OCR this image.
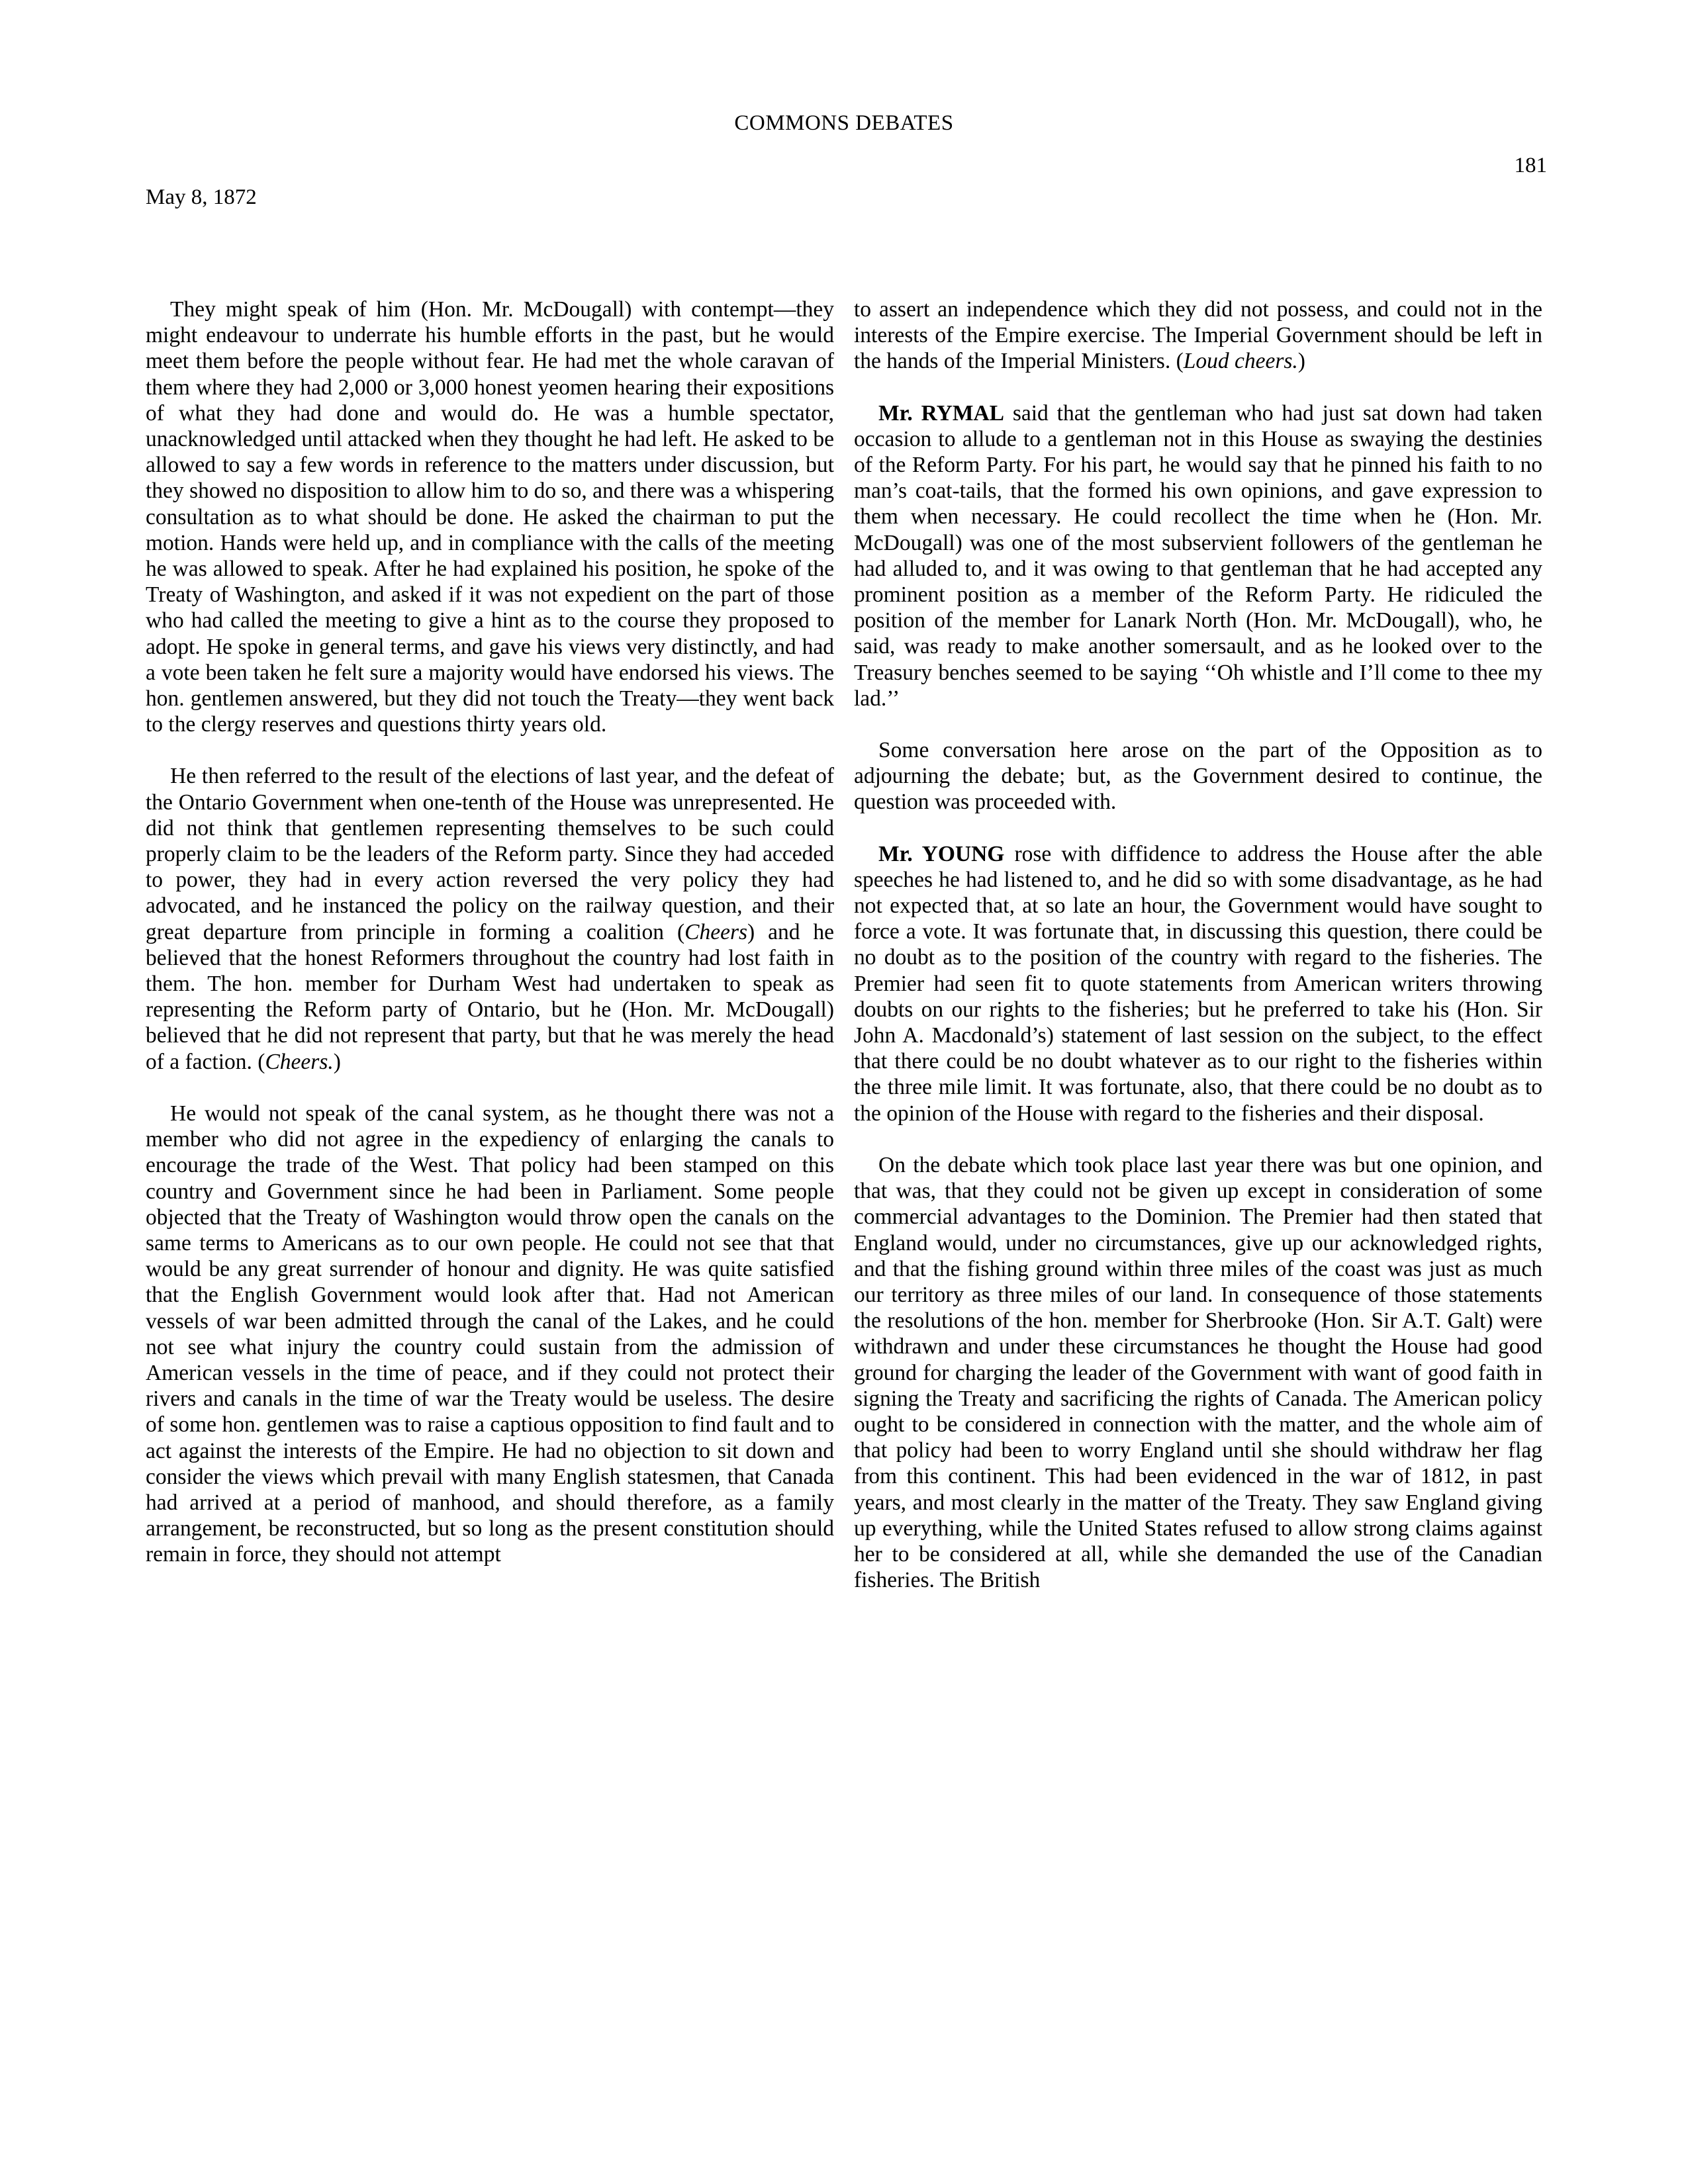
COMMONS DEBATES
181
May 8, 1872

They might speak of him (Hon. Mr. McDougall) with contempt—they might endeavour to underrate his humble efforts in the past, but he would meet them before the people without fear. He had met the whole caravan of them where they had 2,000 or 3,000 honest yeomen hearing their expositions of what they had done and would do. He was a humble spectator, unacknowledged until attacked when they thought he had left. He asked to be allowed to say a few words in reference to the matters under discussion, but they showed no disposition to allow him to do so, and there was a whispering consultation as to what should be done. He asked the chairman to put the motion. Hands were held up, and in compliance with the calls of the meeting he was allowed to speak. After he had explained his position, he spoke of the Treaty of Washington, and asked if it was not expedient on the part of those who had called the meeting to give a hint as to the course they proposed to adopt. He spoke in general terms, and gave his views very distinctly, and had a vote been taken he felt sure a majority would have endorsed his views. The hon. gentlemen answered, but they did not touch the Treaty—they went back to the clergy reserves and questions thirty years old.

He then referred to the result of the elections of last year, and the defeat of the Ontario Government when one-tenth of the House was unrepresented. He did not think that gentlemen representing themselves to be such could properly claim to be the leaders of the Reform party. Since they had acceded to power, they had in every action reversed the very policy they had advocated, and he instanced the policy on the railway question, and their great departure from principle in forming a coalition (Cheers) and he believed that the honest Reformers throughout the country had lost faith in them. The hon. member for Durham West had undertaken to speak as representing the Reform party of Ontario, but he (Hon. Mr. McDougall) believed that he did not represent that party, but that he was merely the head of a faction. (Cheers.)

He would not speak of the canal system, as he thought there was not a member who did not agree in the expediency of enlarging the canals to encourage the trade of the West. That policy had been stamped on this country and Government since he had been in Parliament. Some people objected that the Treaty of Washington would throw open the canals on the same terms to Americans as to our own people. He could not see that that would be any great surrender of honour and dignity. He was quite satisfied that the English Government would look after that. Had not American vessels of war been admitted through the canal of the Lakes, and he could not see what injury the country could sustain from the admission of American vessels in the time of peace, and if they could not protect their rivers and canals in the time of war the Treaty would be useless. The desire of some hon. gentlemen was to raise a captious opposition to find fault and to act against the interests of the Empire. He had no objection to sit down and consider the views which prevail with many English statesmen, that Canada had arrived at a period of manhood, and should therefore, as a family arrangement, be reconstructed, but so long as the present constitution should remain in force, they should not attempt

to assert an independence which they did not possess, and could not in the interests of the Empire exercise. The Imperial Government should be left in the hands of the Imperial Ministers. (Loud cheers.)

Mr. RYMAL said that the gentleman who had just sat down had taken occasion to allude to a gentleman not in this House as swaying the destinies of the Reform Party. For his part, he would say that he pinned his faith to no man’s coat-tails, that the formed his own opinions, and gave expression to them when necessary. He could recollect the time when he (Hon. Mr. McDougall) was one of the most subservient followers of the gentleman he had alluded to, and it was owing to that gentleman that he had accepted any prominent position as a member of the Reform Party. He ridiculed the position of the member for Lanark North (Hon. Mr. McDougall), who, he said, was ready to make another somersault, and as he looked over to the Treasury benches seemed to be saying ‘‘Oh whistle and I’ll come to thee my lad.’’

Some conversation here arose on the part of the Opposition as to adjourning the debate; but, as the Government desired to continue, the question was proceeded with.

Mr. YOUNG rose with diffidence to address the House after the able speeches he had listened to, and he did so with some disadvantage, as he had not expected that, at so late an hour, the Government would have sought to force a vote. It was fortunate that, in discussing this question, there could be no doubt as to the position of the country with regard to the fisheries. The Premier had seen fit to quote statements from American writers throwing doubts on our rights to the fisheries; but he preferred to take his (Hon. Sir John A. Macdonald’s) statement of last session on the subject, to the effect that there could be no doubt whatever as to our right to the fisheries within the three mile limit. It was fortunate, also, that there could be no doubt as to the opinion of the House with regard to the fisheries and their disposal.

On the debate which took place last year there was but one opinion, and that was, that they could not be given up except in consideration of some commercial advantages to the Dominion. The Premier had then stated that England would, under no circumstances, give up our acknowledged rights, and that the fishing ground within three miles of the coast was just as much our territory as three miles of our land. In consequence of those statements the resolutions of the hon. member for Sherbrooke (Hon. Sir A.T. Galt) were withdrawn and under these circumstances he thought the House had good ground for charging the leader of the Government with want of good faith in signing the Treaty and sacrificing the rights of Canada. The American policy ought to be considered in connection with the matter, and the whole aim of that policy had been to worry England until she should withdraw her flag from this continent. This had been evidenced in the war of 1812, in past years, and most clearly in the matter of the Treaty. They saw England giving up everything, while the United States refused to allow strong claims against her to be considered at all, while she demanded the use of the Canadian fisheries. The British
